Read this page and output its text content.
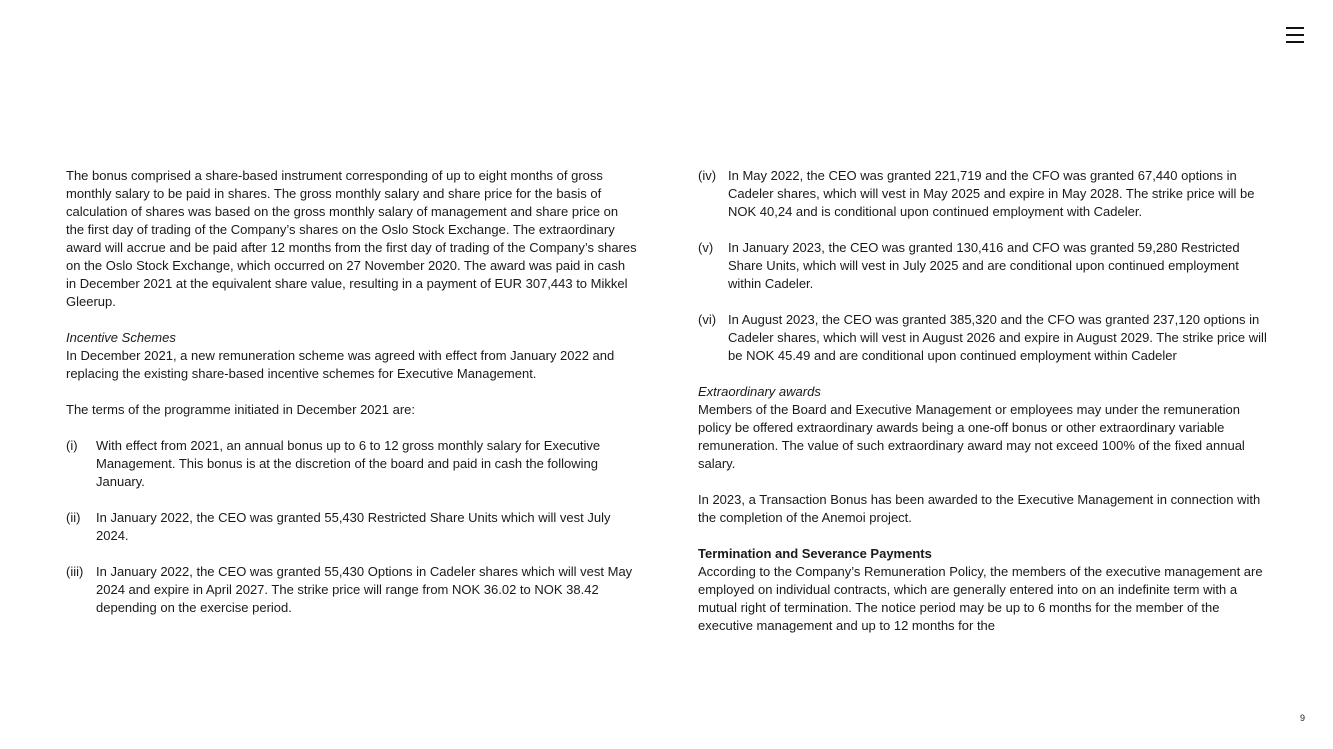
The bonus comprised a share-based instrument corresponding of up to eight months of gross monthly salary to be paid in shares. The gross monthly salary and share price for the basis of calculation of shares was based on the gross monthly salary of management and share price on the first day of trading of the Company’s shares on the Oslo Stock Exchange. The extraordinary award will accrue and be paid after 12 months from the first day of trading of the Company’s shares on the Oslo Stock Exchange, which occurred on 27 November 2020. The award was paid in cash in December 2021 at the equivalent share value, resulting in a payment of EUR 307,443 to Mikkel Gleerup.

Incentive Schemes

In December 2021, a new remuneration scheme was agreed with effect from January 2022 and replacing the existing share-based incentive schemes for Executive Management.

The terms of the programme initiated in December 2021 are:

(i)	With effect from 2021, an annual bonus up to 6 to 12 gross monthly salary for Executive Management. This bonus is at the discretion of the board and paid in cash the following

January.

(ii)	In January 2022, the CEO was granted 55,430 Restricted Share Units which will vest July 2024.

(iii) In January 2022, the CEO was granted 55,430 Options in Cadeler shares which will vest May 2024 and expire in April 2027. The strike price will range from NOK 36.02 to NOK 38.42 depending on the exercise period.

(iv) In May 2022, the CEO was granted 221,719 and the CFO was granted 67,440 options in Cadeler shares, which will vest in May 2025 and expire in May 2028. The strike price will be NOK 40,24 and is conditional upon continued employment with Cadeler.

(v)	In January 2023, the CEO was granted 130,416 and CFO was granted 59,280 Restricted Share Units, which will vest in July 2025 and are conditional upon continued employment within Cadeler.

(vi) In August 2023, the CEO was granted 385,320 and the CFO was granted 237,120 options in Cadeler shares, which will vest in August 2026 and expire in August 2029. The strike price will be NOK 45.49 and are conditional upon continued employment within Cadeler

Extraordinary awards

Members of the Board and Executive Management or employees may under the remuneration policy be offered extraordinary awards being a one-off bonus or other extraordinary variable remuneration. The value of such extraordinary award may not exceed 100% of the fixed annual salary.

In 2023, a Transaction Bonus has been awarded to the Executive Management in connection with the completion of the Anemoi project.

Termination and Severance Payments

According to the Company’s Remuneration Policy, the members of the executive management are employed on individual contracts, which are generally entered into on an indefinite term with a mutual right of termination. The notice period may be up to 6 months for the member of the executive management and up to 12 months for the

9
